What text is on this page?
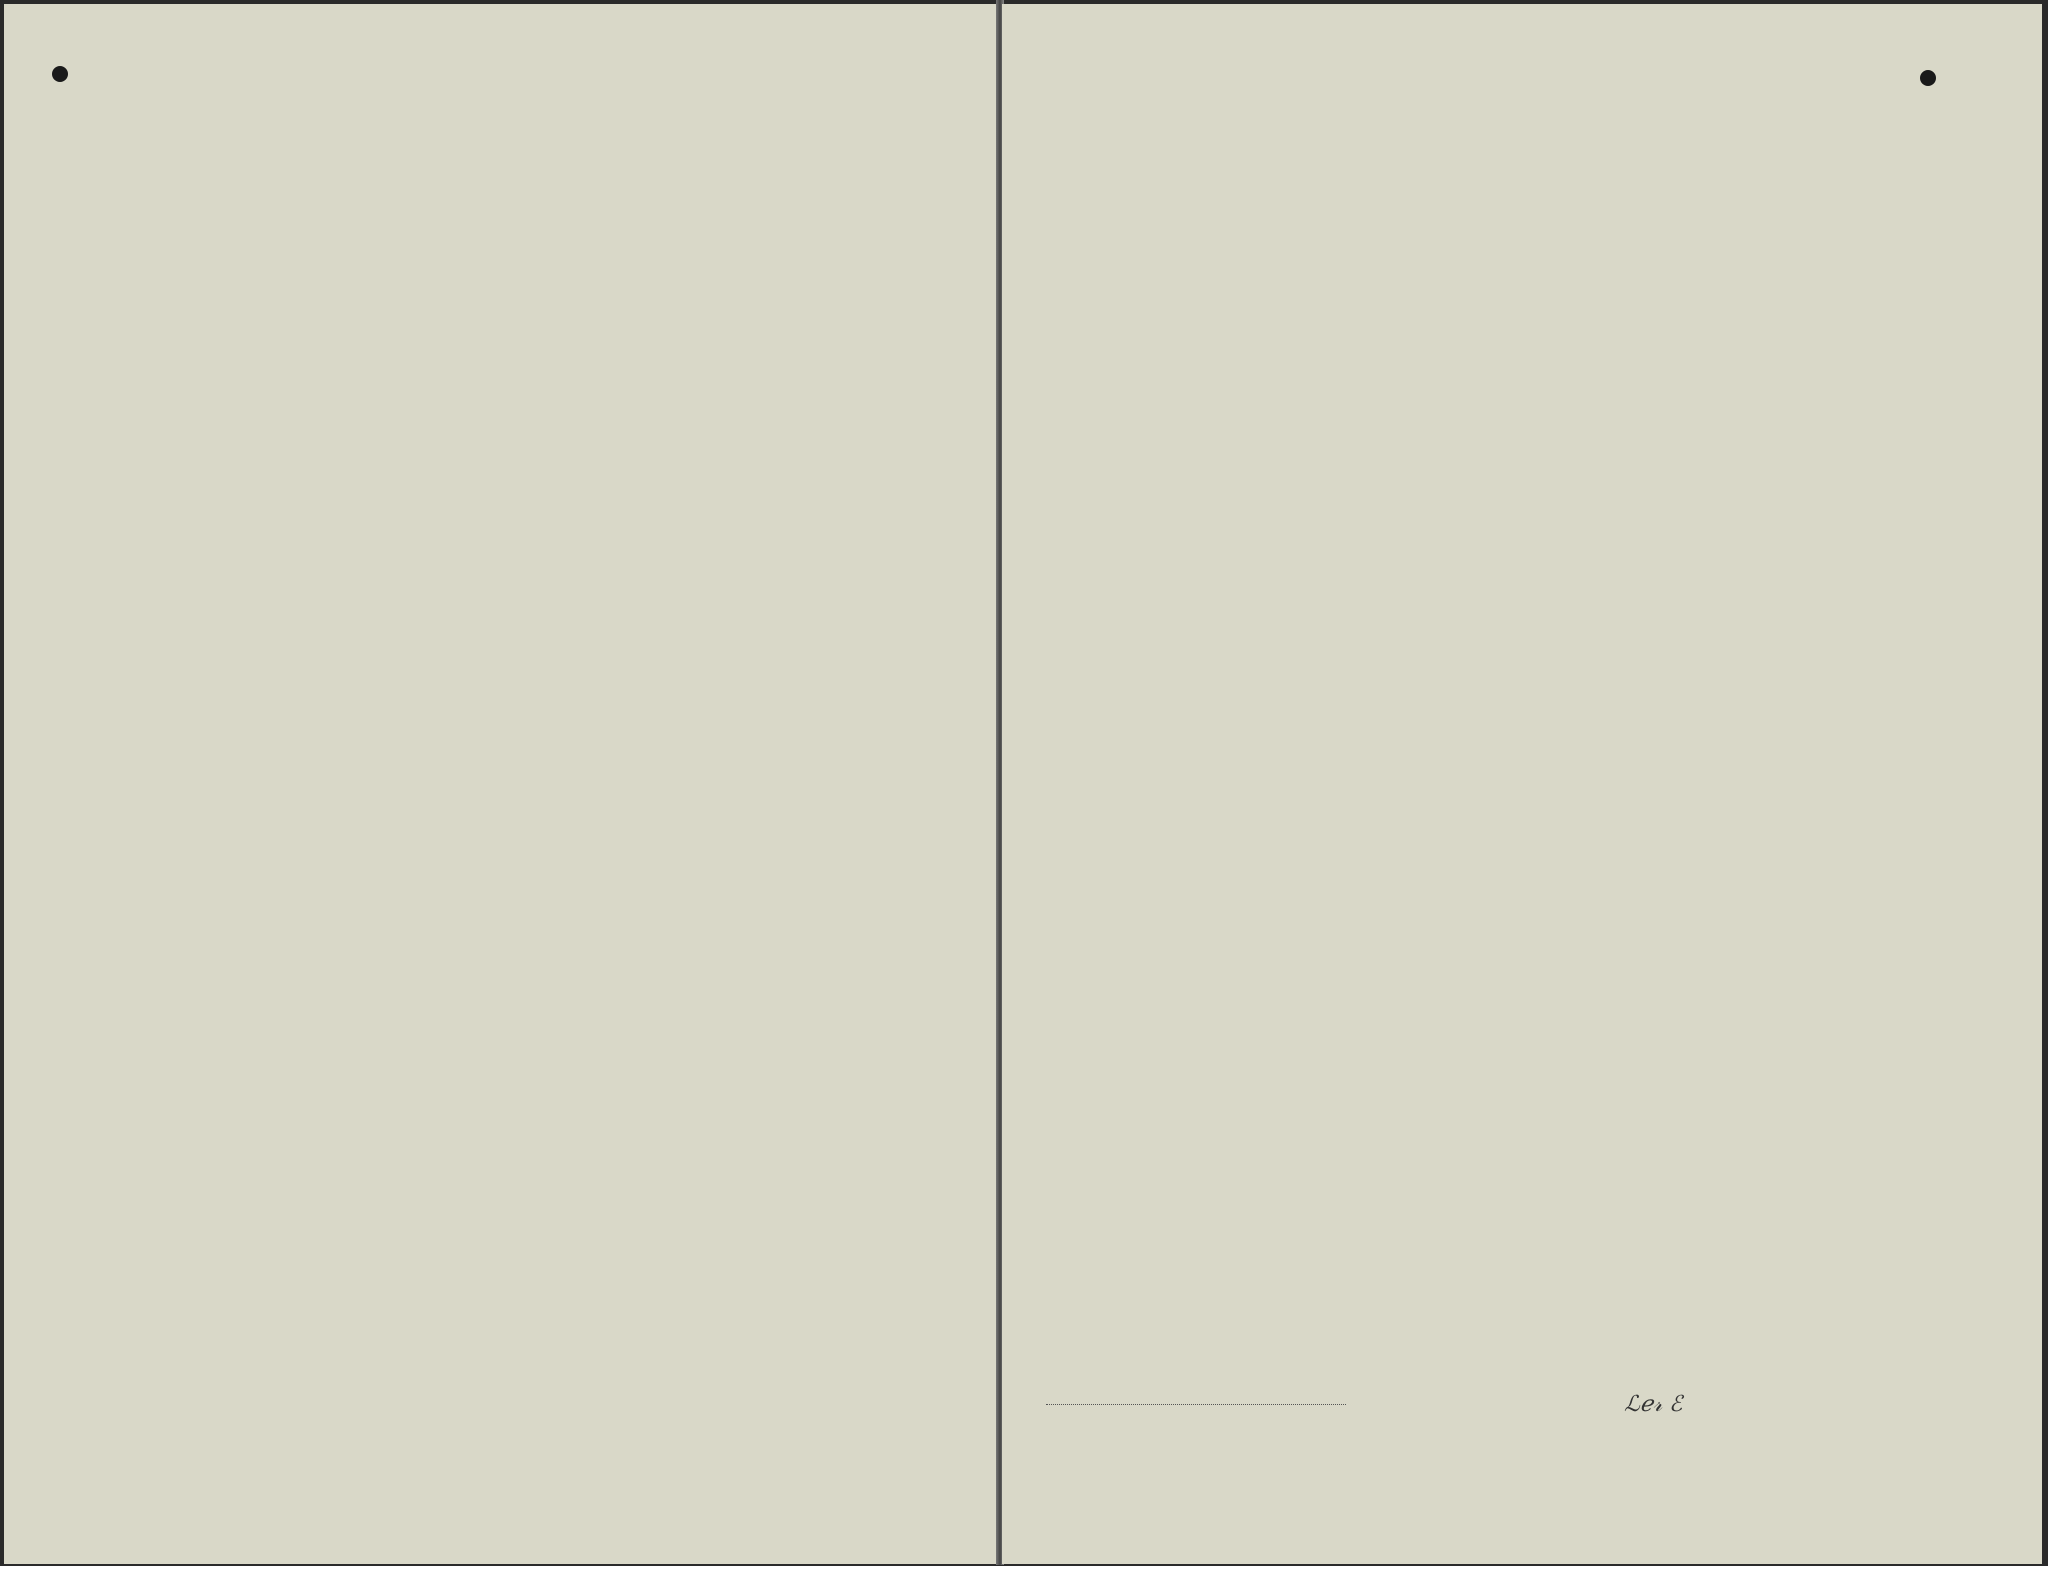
ℒℯ𝓇 ℰ
